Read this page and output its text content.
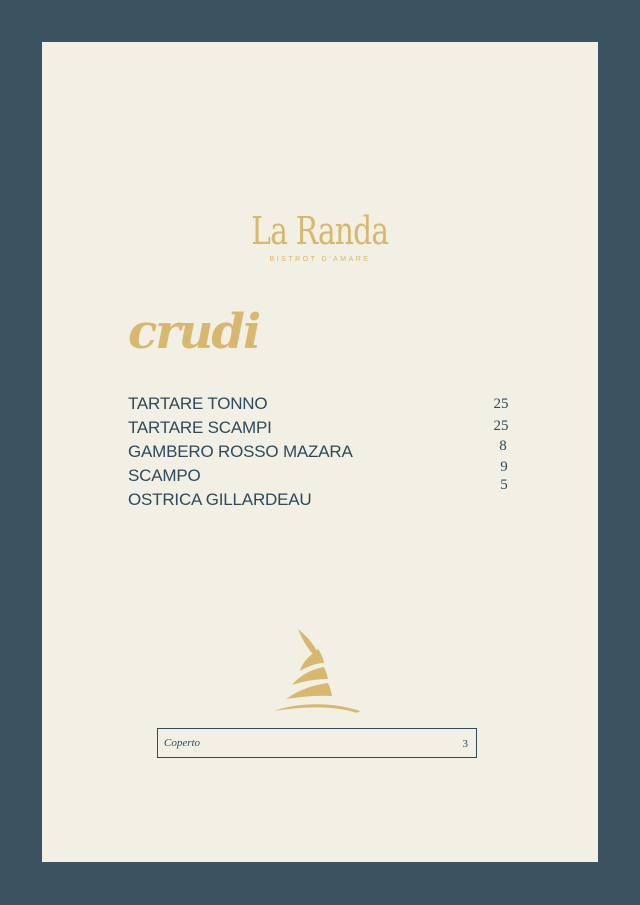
La Randa
BISTROT D'AMARE
crudi
TARTARE TONNO
TARTARE SCAMPI
GAMBERO ROSSO MAZARA
SCAMPO
OSTRICA GILLARDEAU
25
25
8
9
5
Coperto	3
